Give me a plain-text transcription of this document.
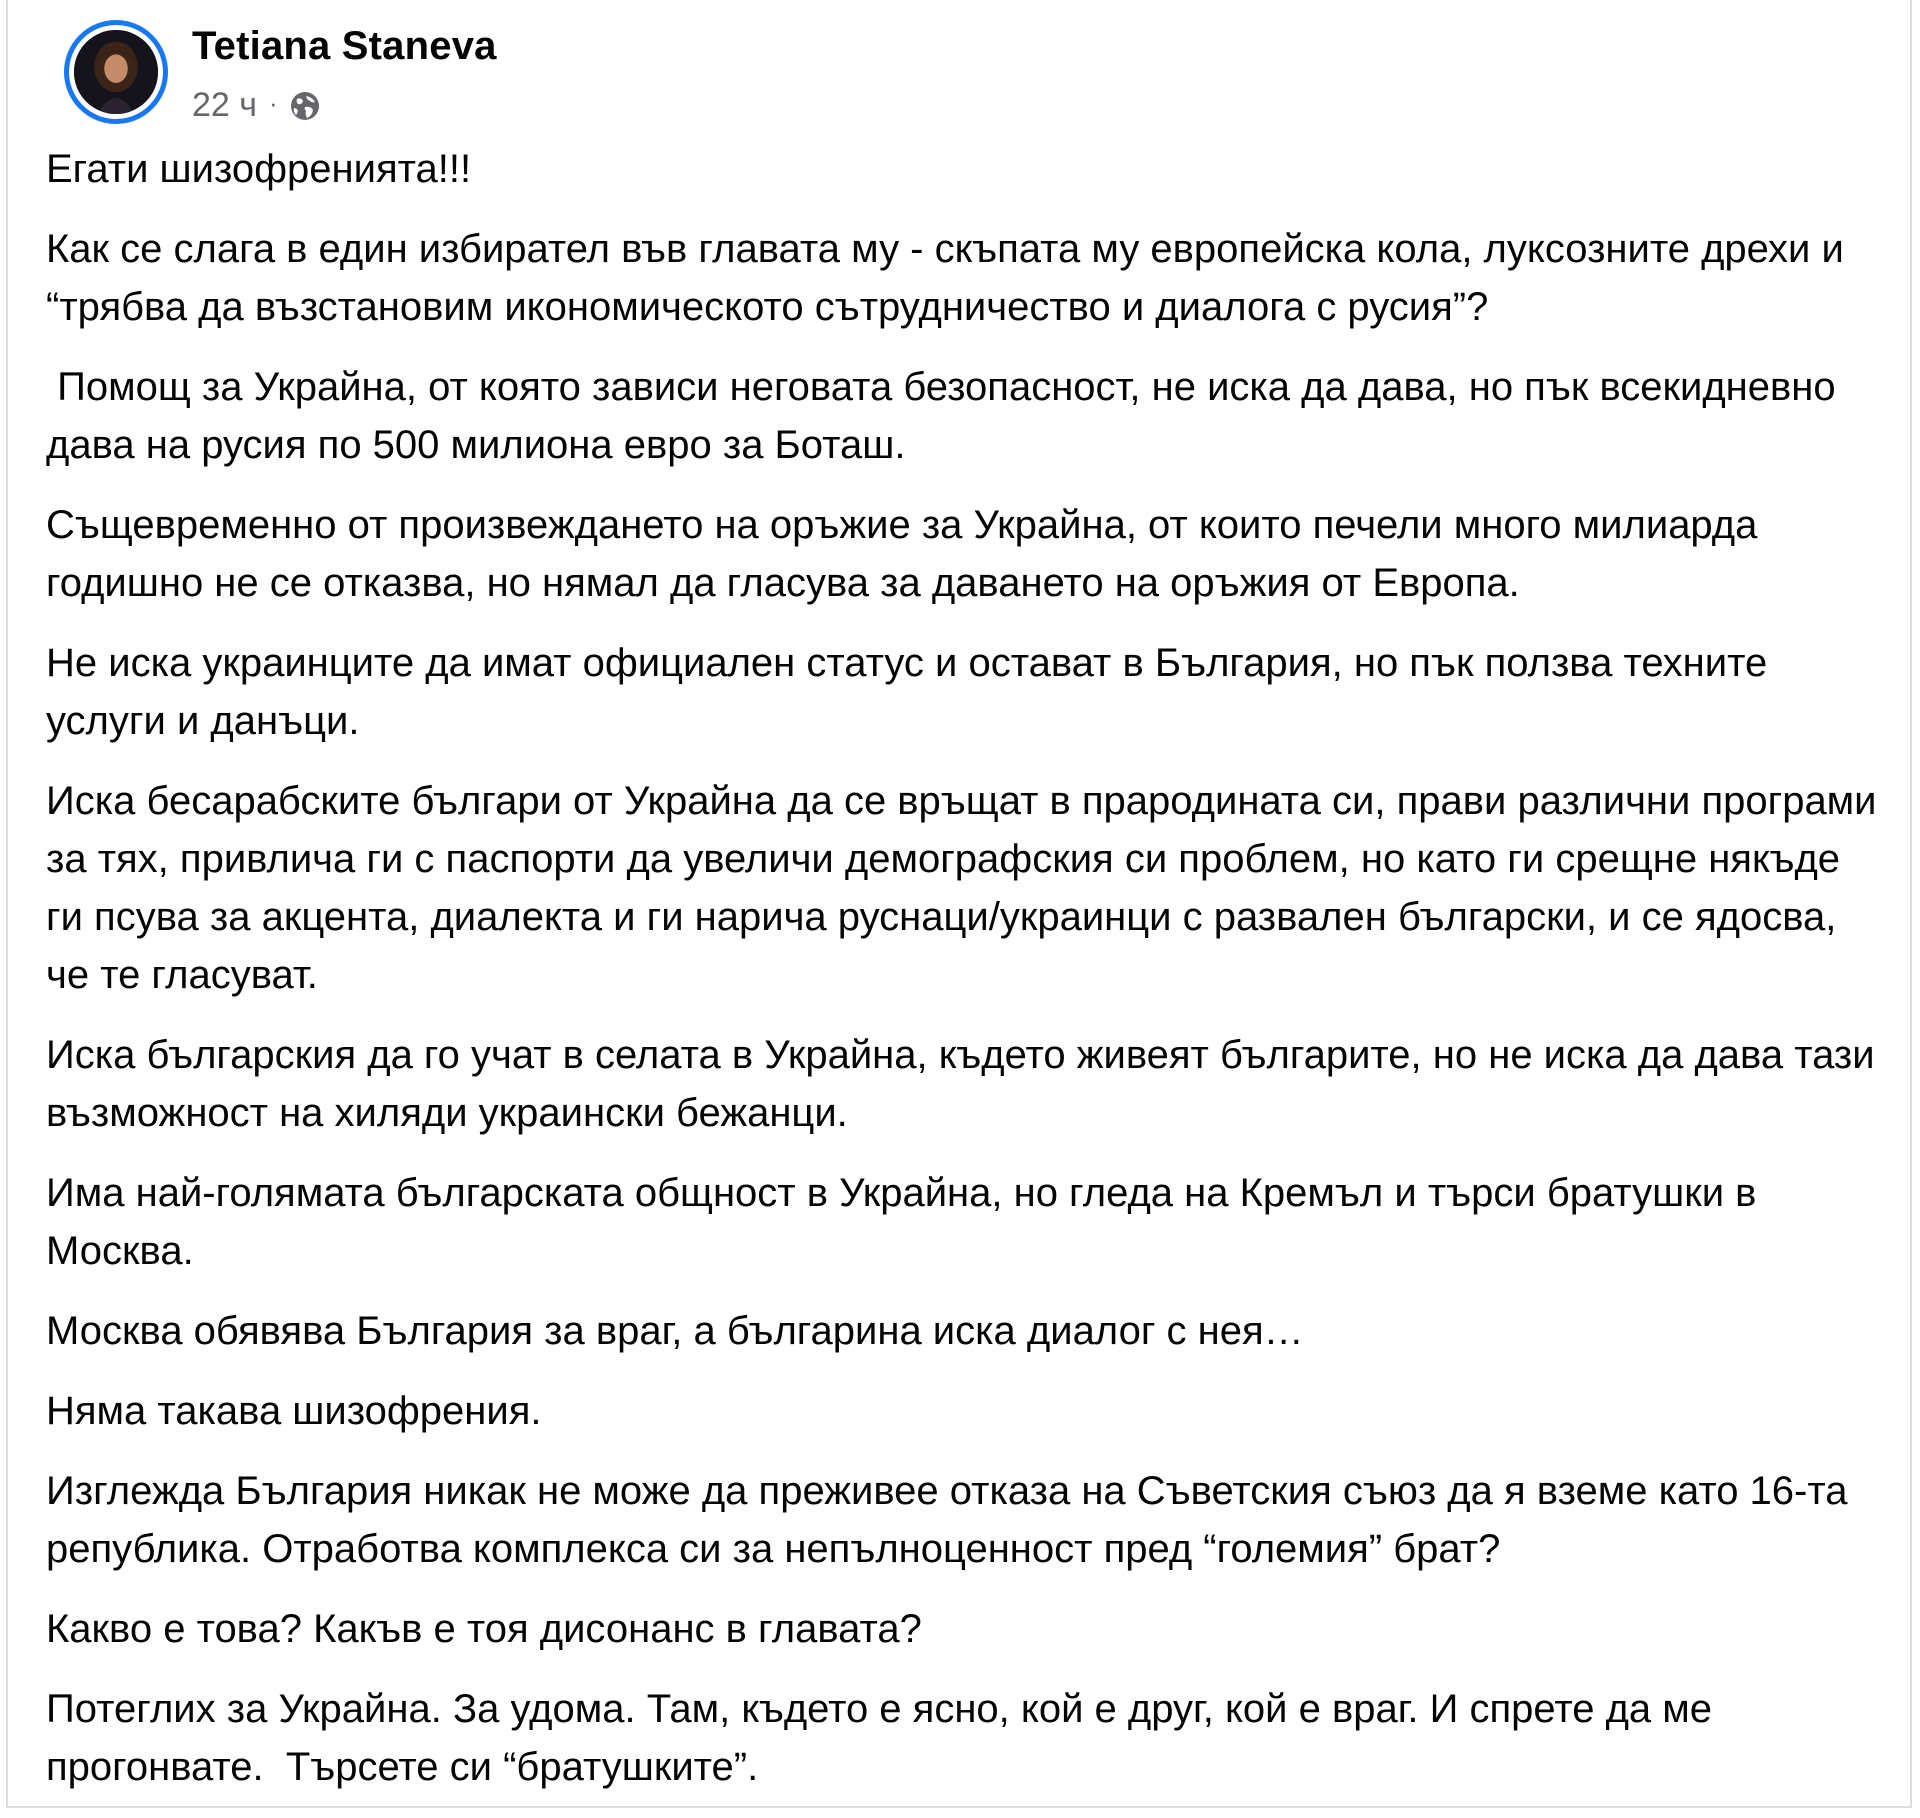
Tetiana Staneva
22 ч ·

Егати шизофренията!!!

Как се слага в един избирател във главата му - скъпата му европейска кола, луксозните дрехи и “трябва да възстановим икономическото сътрудничество и диалога с русия”?

Помощ за Украйна, от която зависи неговата безопасност, не иска да дава, но пък всекидневно дава на русия по 500 милиона евро за Боташ.

Същевременно от произвеждането на оръжие за Украйна, от които печели много милиарда годишно не се отказва, но нямал да гласува за даването на оръжия от Европа.

Не иска украинците да имат официален статус и остават в България, но пък ползва техните услуги и данъци.

Иска бесарабските българи от Украйна да се връщат в прародината си, прави различни програми за тях, привлича ги с паспорти да увеличи демографския си проблем, но като ги срещне някъде ги псува за акцента, диалекта и ги нарича руснаци/украинци с развален български, и се ядосва, че те гласуват.

Иска българския да го учат в селата в Украйна, където живеят българите, но не иска да дава тази възможност на хиляди украински бежанци.

Има най-голямата българската общност в Украйна, но гледа на Кремъл и търси братушки в Москва.

Москва обявява България за враг, а българина иска диалог с нея…

Няма такава шизофрения.

Изглежда България никак не може да преживее отказа на Съветския съюз да я вземе като 16-та република. Отработва комплекса си за непълноценност пред “големия” брат?

Какво е това? Какъв е тоя дисонанс в главата?

Потеглих за Украйна. За удома. Там, където е ясно, кой е друг, кой е враг. И спрете да ме прогонвате.  Търсете си “братушките”.
